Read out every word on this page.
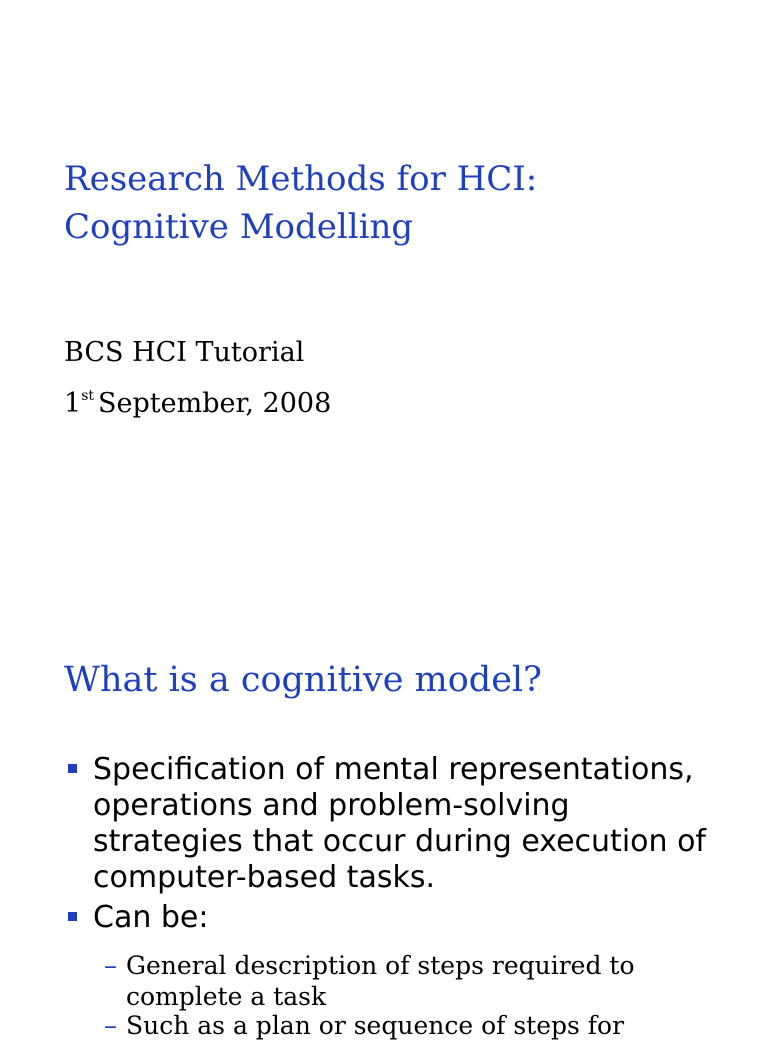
Research Methods for HCI:
Cognitive Modelling
BCS HCI Tutorial
1st September, 2008
What is a cognitive model?
Specification of mental representations,
operations and problem-solving
strategies that occur during execution of
computer-based tasks.
Can be:
– General description of steps required to
complete a task
– Such as a plan or sequence of steps for
